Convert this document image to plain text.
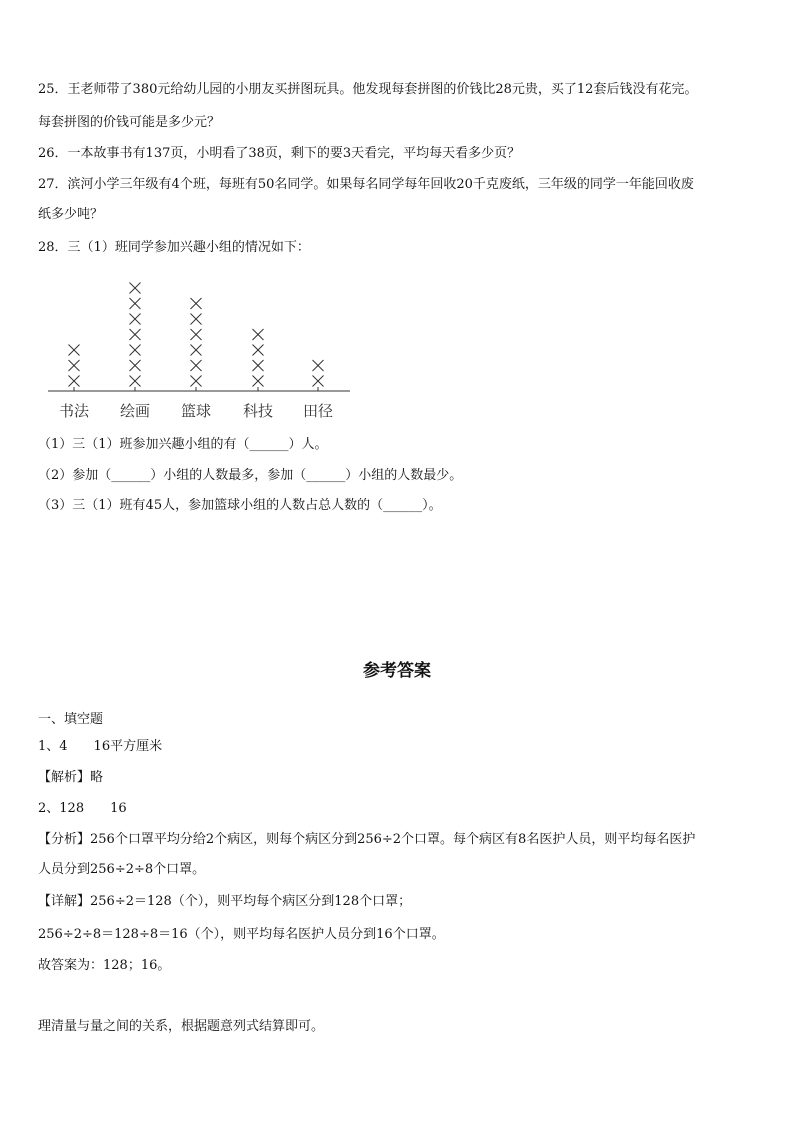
25．王老师带了380元给幼儿园的小朋友买拼图玩具。他发现每套拼图的价钱比28元贵，买了12套后钱没有花完。
每套拼图的价钱可能是多少元？
26．一本故事书有137页，小明看了38页，剩下的要3天看完，平均每天看多少页？
27．滨河小学三年级有4个班，每班有50名同学。如果每名同学每年回收20千克废纸，三年级的同学一年能回收废
纸多少吨？
28．三（1）班同学参加兴趣小组的情况如下：
书法 绘画 篮球 科技 田径
（1）三（1）班参加兴趣小组的有（______）人。
（2）参加（______）小组的人数最多，参加（______）小组的人数最少。
（3）三（1）班有45人，参加篮球小组的人数占总人数的（______）。
参考答案
一、填空题
1、4　　16平方厘米
【解析】略
2、128　　16
【分析】256个口罩平均分给2个病区，则每个病区分到256÷2个口罩。每个病区有8名医护人员，则平均每名医护
人员分到256÷2÷8个口罩。
【详解】256÷2＝128（个），则平均每个病区分到128个口罩；
256÷2÷8＝128÷8＝16（个），则平均每名医护人员分到16个口罩。
故答案为：128；16。
理清量与量之间的关系，根据题意列式结算即可。
